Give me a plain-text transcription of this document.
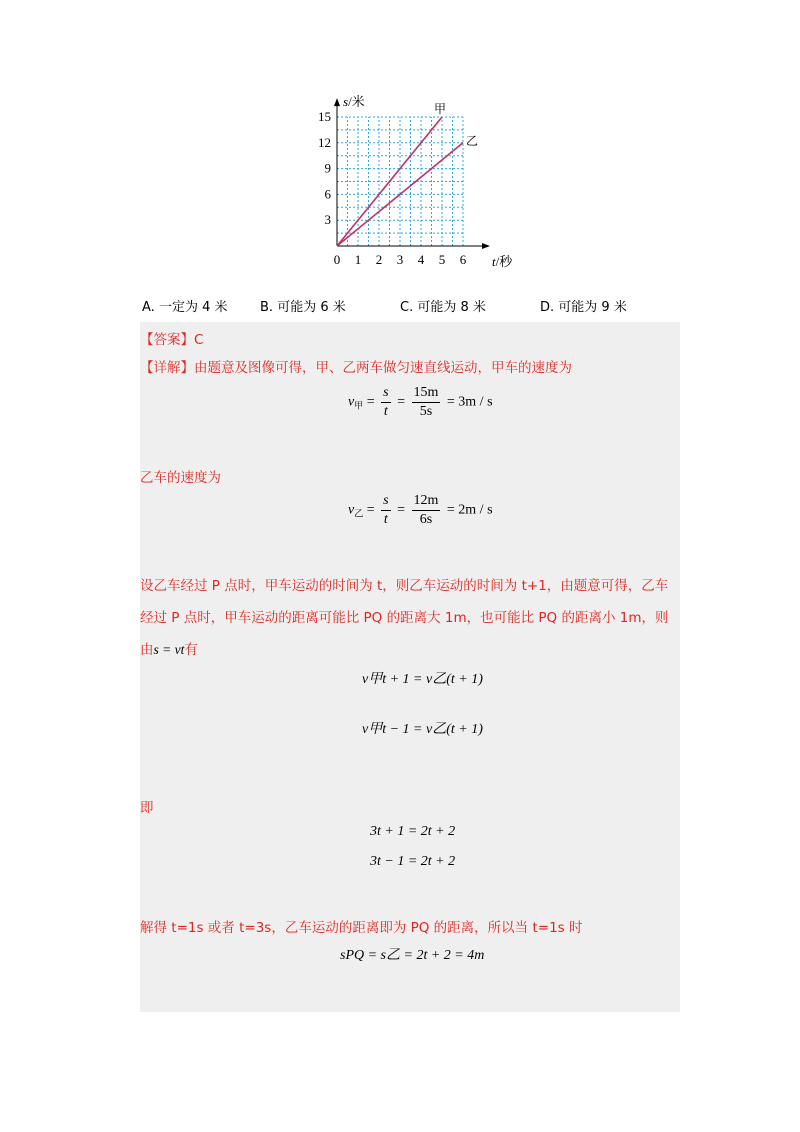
0 1 2 3 4 5 6
3
6
9
12
15
s/米
t/秒
甲
乙
A. 一定为 4 米	B. 可能为 6 米	C. 可能为 8 米	D. 可能为 9 米
【答案】C
【详解】由题意及图像可得，甲、乙两车做匀速直线运动，甲车的速度为
$v_甲 = \frac{s}{t} = \frac{15m}{5s} = 3m / s$
乙车的速度为
$v_乙 = \frac{s}{t} = \frac{12m}{6s} = 2m / s$
设乙车经过 P 点时，甲车运动的时间为 t，则乙车运动的时间为 t+1，由题意可得，乙车
经过 P 点时，甲车运动的距离可能比 PQ 的距离大 1m，也可能比 PQ 的距离小 1m，则
由s = vt有
v甲t + 1 = v乙(t + 1)
v甲t − 1 = v乙(t + 1)
即
3t + 1 = 2t + 2
3t − 1 = 2t + 2
解得 t=1s 或者 t=3s，乙车运动的距离即为 PQ 的距离，所以当 t=1s 时
sPQ = s乙 = 2t + 2 = 4m
